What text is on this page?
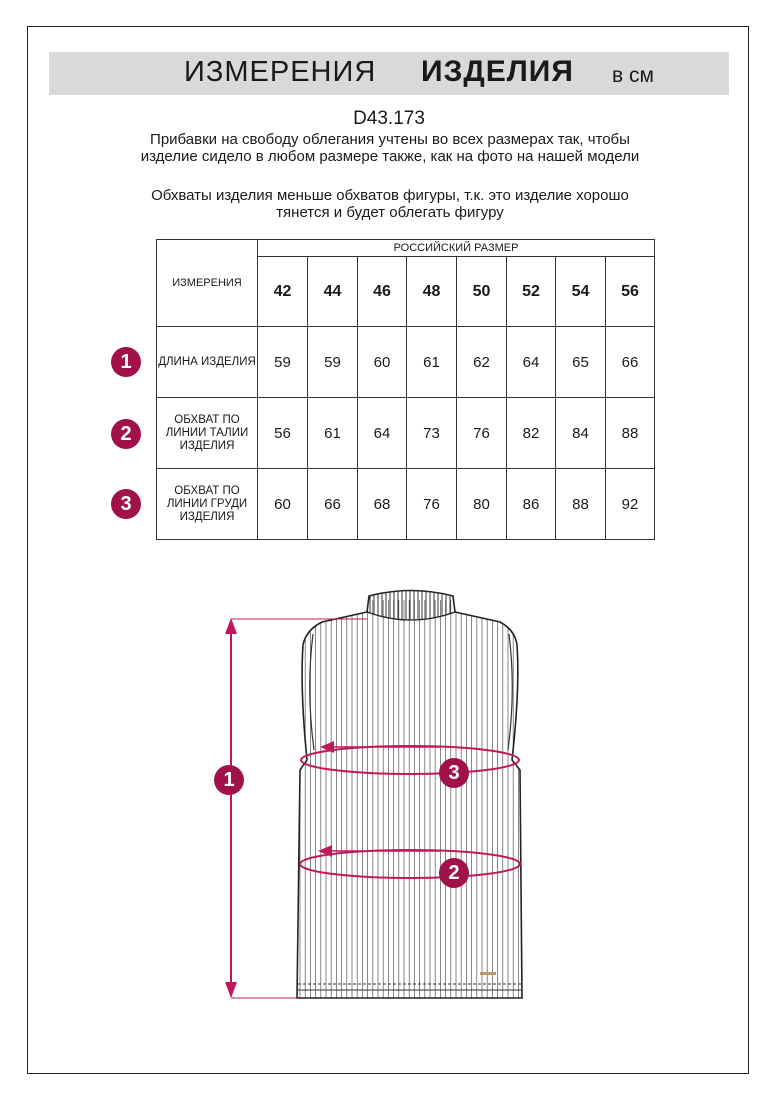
ИЗМЕРЕНИЯ ИЗДЕЛИЯ в см
D43.173
Прибавки на свободу облегания учтены во всех размерах так, чтобы изделие сидело в любом размере также, как на фото на нашей модели
Обхваты изделия меньше обхватов фигуры, т.к. это изделие хорошо тянется и будет облегать фигуру
ИЗМЕРЕНИЯ	РОССИЙСКИЙ РАЗМЕР							
	42	44	46	48	50	52	54	56
ДЛИНА ИЗДЕЛИЯ	59	59	60	61	62	64	65	66
ОБХВАТ ПО ЛИНИИ ТАЛИИ ИЗДЕЛИЯ	56	61	64	73	76	82	84	88
ОБХВАТ ПО ЛИНИИ ГРУДИ ИЗДЕЛИЯ	60	66	68	76	80	86	88	92
1
2
3
1	3
2
